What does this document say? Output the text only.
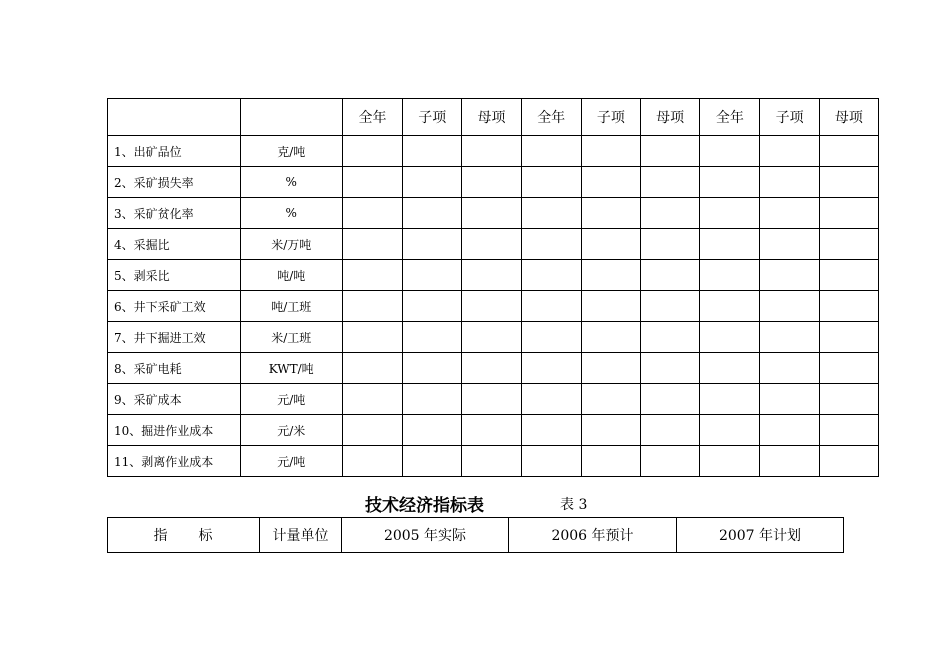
		全年	子项	母项	全年	子项	母项	全年	子项	母项
1、出矿品位	克/吨									
2、采矿损失率	%									
3、采矿贫化率	%									
4、采掘比	米/万吨									
5、剥采比	吨/吨									
6、井下采矿工效	吨/工班									
7、井下掘进工效	米/工班									
8、采矿电耗	KWT/吨									
9、采矿成本	元/吨									
10、掘进作业成本	元/米									
11、剥离作业成本	元/吨									
技术经济指标表	表 3
指　　标	计量单位	2005 年实际	2006 年预计	2007 年计划
